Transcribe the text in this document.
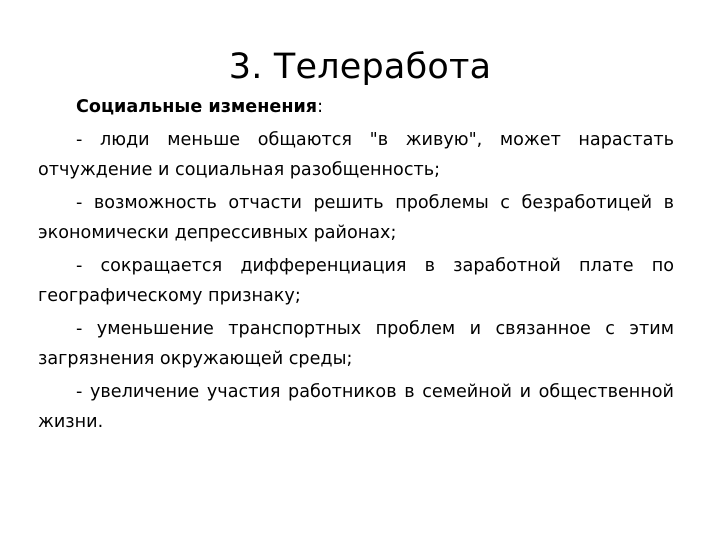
3. Телеработа

Социальные изменения:

- люди меньше общаются "в живую", может нарастать отчуждение и социальная разобщенность;

- возможность отчасти решить проблемы с безработицей в экономически депрессивных районах;

- сокращается дифференциация в заработной плате по географическому признаку;

- уменьшение транспортных проблем и связанное с этим загрязнения окружающей среды;

- увеличение участия работников в семейной и общественной жизни.
